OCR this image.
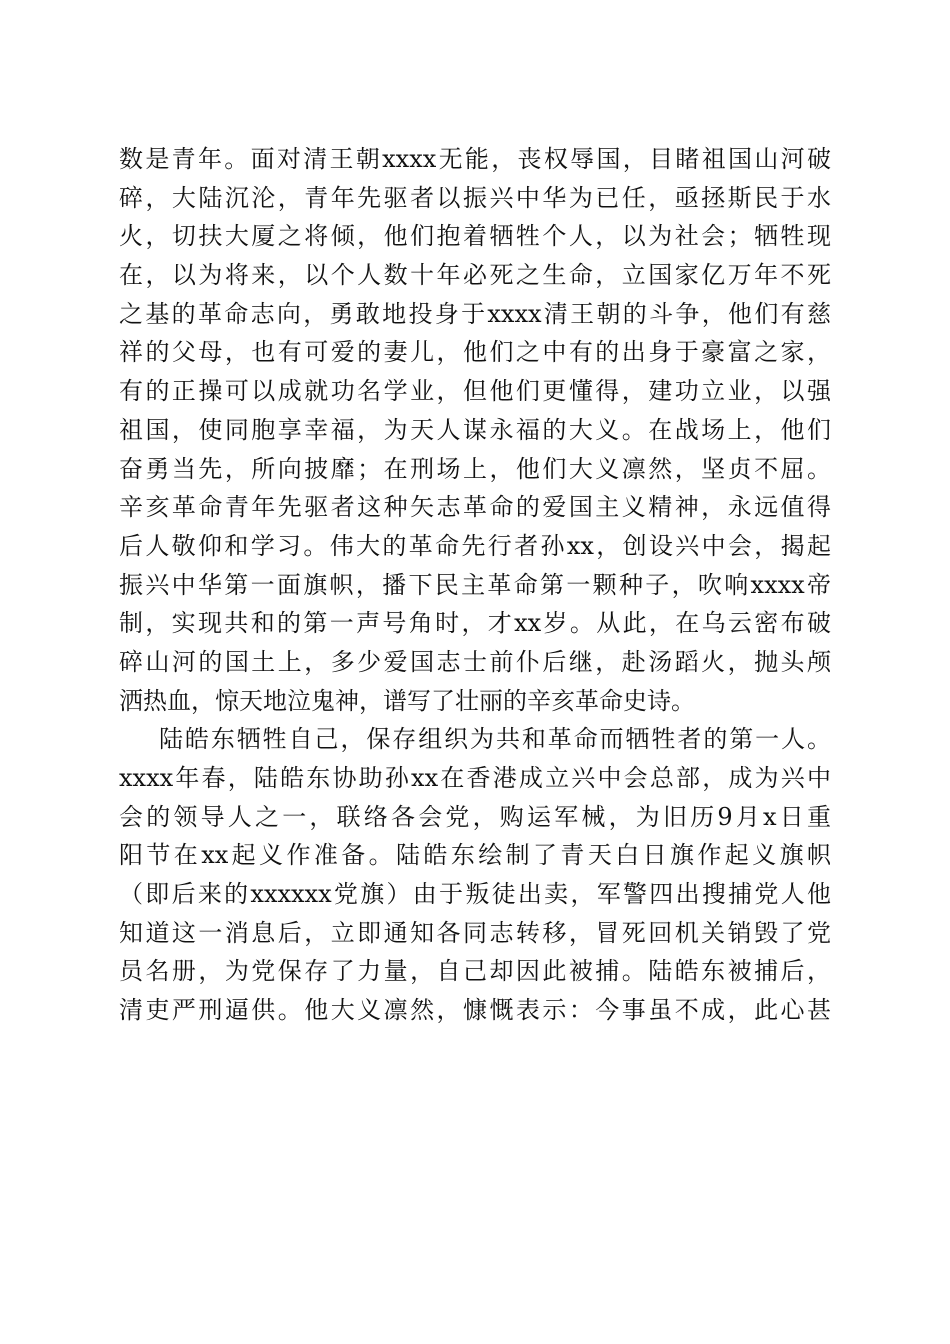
数是青年。面对清王朝xxxx无能，丧权辱国，目睹祖国山河破
碎，大陆沉沦，青年先驱者以振兴中华为已任，亟拯斯民于水
火，切扶大厦之将倾，他们抱着牺牲个人，以为社会；牺牲现
在，以为将来，以个人数十年必死之生命，立国家亿万年不死
之基的革命志向，勇敢地投身于xxxx清王朝的斗争，他们有慈
祥的父母，也有可爱的妻儿，他们之中有的出身于豪富之家，
有的正操可以成就功名学业，但他们更懂得，建功立业，以强
祖国，使同胞享幸福，为天人谋永福的大义。在战场上，他们
奋勇当先，所向披靡；在刑场上，他们大义凛然，坚贞不屈。
辛亥革命青年先驱者这种矢志革命的爱国主义精神，永远值得
后人敬仰和学习。伟大的革命先行者孙xx，创设兴中会，揭起
振兴中华第一面旗帜，播下民主革命第一颗种子，吹响xxxx帝
制，实现共和的第一声号角时，才xx岁。从此，在乌云密布破
碎山河的国土上，多少爱国志士前仆后继，赴汤蹈火，抛头颅
洒热血，惊天地泣鬼神，谱写了壮丽的辛亥革命史诗。
陆皓东牺牲自己，保存组织为共和革命而牺牲者的第一人。
xxxx年春，陆皓东协助孙xx在香港成立兴中会总部，成为兴中
会的领导人之一，联络各会党，购运军械，为旧历9月x日重
阳节在xx起义作准备。陆皓东绘制了青天白日旗作起义旗帜
（即后来的xxxxxx党旗）由于叛徒出卖，军警四出搜捕党人他
知道这一消息后，立即通知各同志转移，冒死回机关销毁了党
员名册，为党保存了力量，自己却因此被捕。陆皓东被捕后，
清吏严刑逼供。他大义凛然，慷慨表示：今事虽不成，此心甚
